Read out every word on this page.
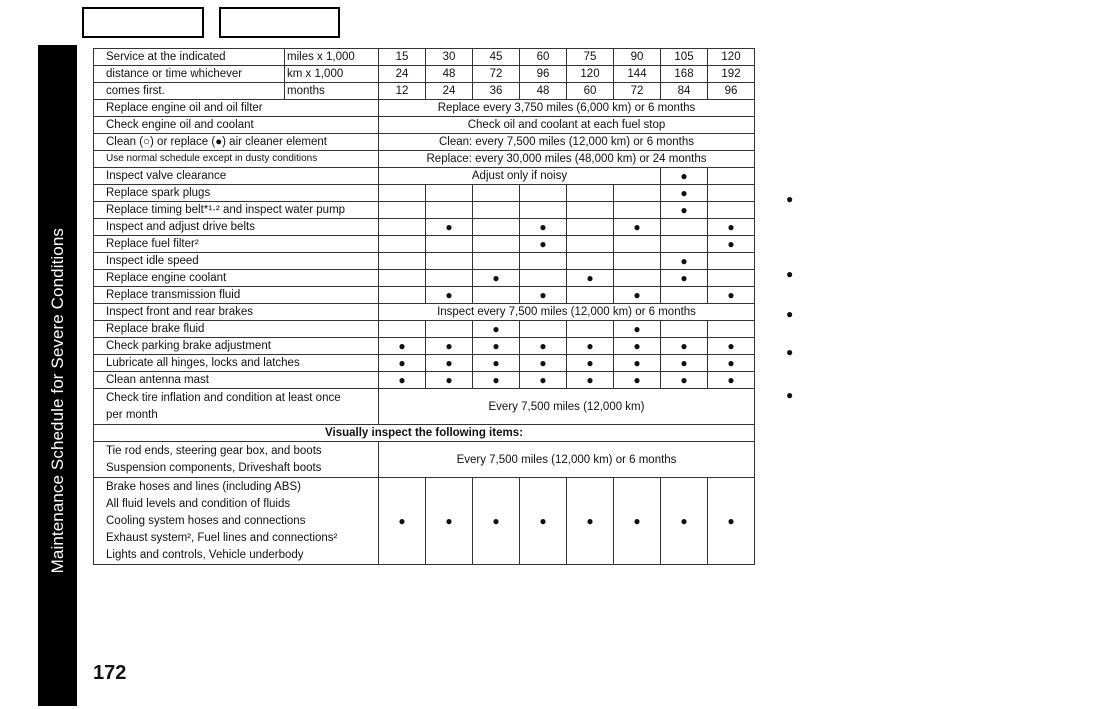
Maintenance Schedule for Severe Conditions
Service at the indicated	miles x 1,000	15	30	45	60	75	90	105	120
distance or time whichever	km x 1,000	24	48	72	96	120	144	168	192
comes first.	months	12	24	36	48	60	72	84	96
Replace engine oil and oil filter		Replace every 3,750 miles (6,000 km) or 6 months							
Check engine oil and coolant		Check oil and coolant at each fuel stop							
Clean (○) or replace (●) air cleaner element		Clean: every 7,500 miles (12,000 km) or 6 months							
Use normal schedule except in dusty conditions		Replace: every 30,000 miles (48,000 km) or 24 months							
Inspect valve clearance		Adjust only if noisy						●	
Replace spark plugs								●	
Replace timing belt*¹·² and inspect water pump								●	
Inspect and adjust drive belts			●		●		●		●
Replace fuel filter²					●				●
Inspect idle speed								●	
Replace engine coolant				●		●		●	
Replace transmission fluid			●		●		●		●
Inspect front and rear brakes		Inspect every 7,500 miles (12,000 km) or 6 months							
Replace brake fluid				●			●		
Check parking brake adjustment		●	●	●	●	●	●	●	●
Lubricate all hinges, locks and latches		●	●	●	●	●	●	●	●
Clean antenna mast		●	●	●	●	●	●	●	●

Check tire inflation and condition at least once
per month		Every 7,500 miles (12,000 km)							
Visually inspect the following items:									

Tie rod ends, steering gear box, and boots
Suspension components, Driveshaft boots		Every 7,500 miles (12,000 km) or 6 months							

Brake hoses and lines (including ABS)
All fluid levels and condition of fluids
Cooling system hoses and connections
Exhaust system², Fuel lines and connections²
Lights and controls, Vehicle underbody		●	●	●	●	●	●	●	●
●
●
●
●
●
172
